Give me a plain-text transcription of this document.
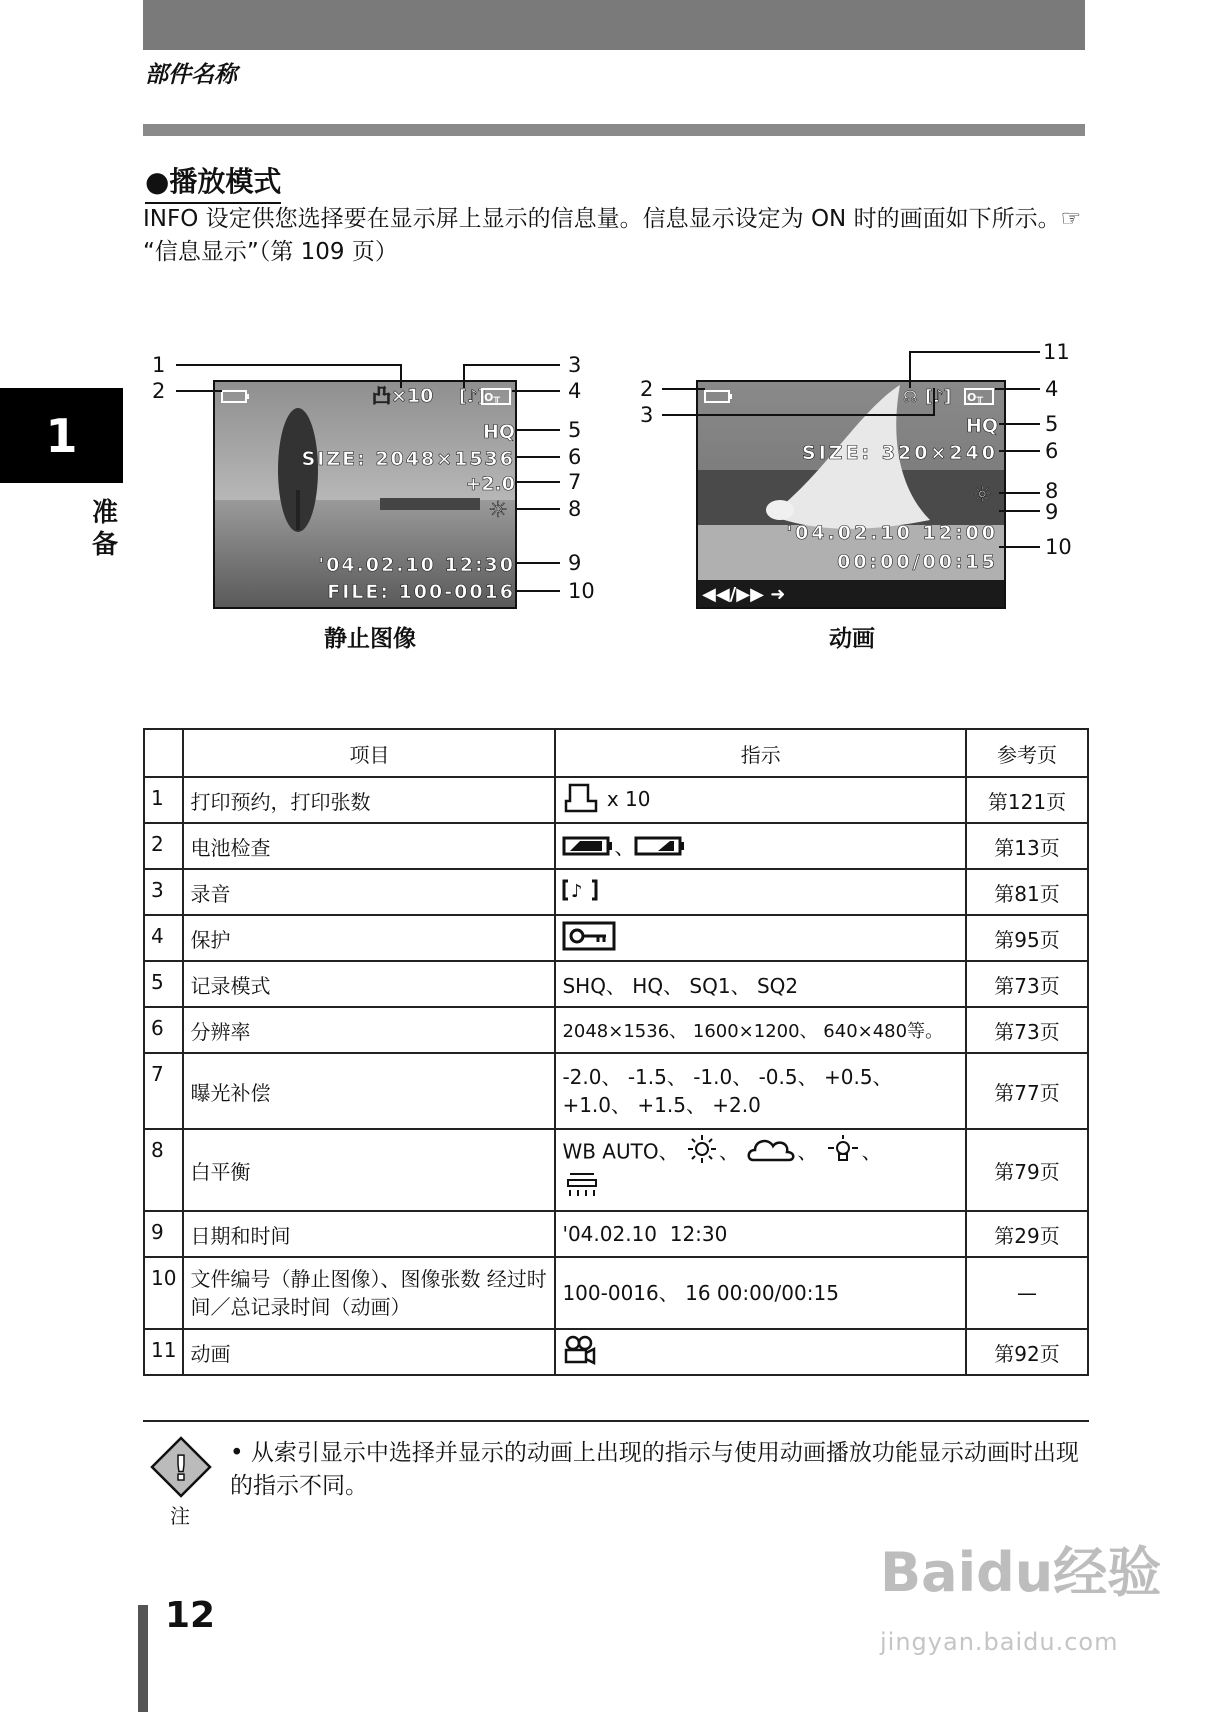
部件名称
●播放模式
INFO 设定供您选择要在显示屏上显示的信息量。信息显示设定为 ON 时的画面如下所示。☞ “信息显示”（第 109 页）
1
准备
凸×10 [♪]
O╥
HQ
SIZE: 2048×1536
+2.0
☼
'04.02.10 12:30
FILE: 100-0016
1
2
3
4
5
6
7
8
9
10
静止图像
☊ [♪] O╥
HQ
SIZE: 320×240
☼
'04.02.10 12:00
00:00/00:15
◀◀/▶▶ ➜
11
2
3
4
5
6
8
9
10
动画
	项目	指示	参考页
1	打印预约，打印张数	x 10	第121页
2	电池检查	、	第13页
3	录音	♪	第81页
4	保护		第95页
5	记录模式	SHQ、 HQ、 SQ1、 SQ2	第73页
6	分辨率	2048×1536、 1600×1200、 640×480等。	第73页
7	曝光补偿	-2.0、 -1.5、 -1.0、 -0.5、 +0.5、 +1.0、 +1.5、 +2.0	第77页
8	白平衡	WB AUTO、 、 、 、	第79页
9	日期和时间	'04.02.10  12:30	第29页
10	文件编号（静止图像）、图像张数 经过时间／总记录时间（动画）	100-0016、 16 00:00/00:15	—
11	动画		第92页
!
注
• 从索引显示中选择并显示的动画上出现的指示与使用动画播放功能显示动画时出现的指示不同。
Baidu经验
jingyan.baidu.com
12
